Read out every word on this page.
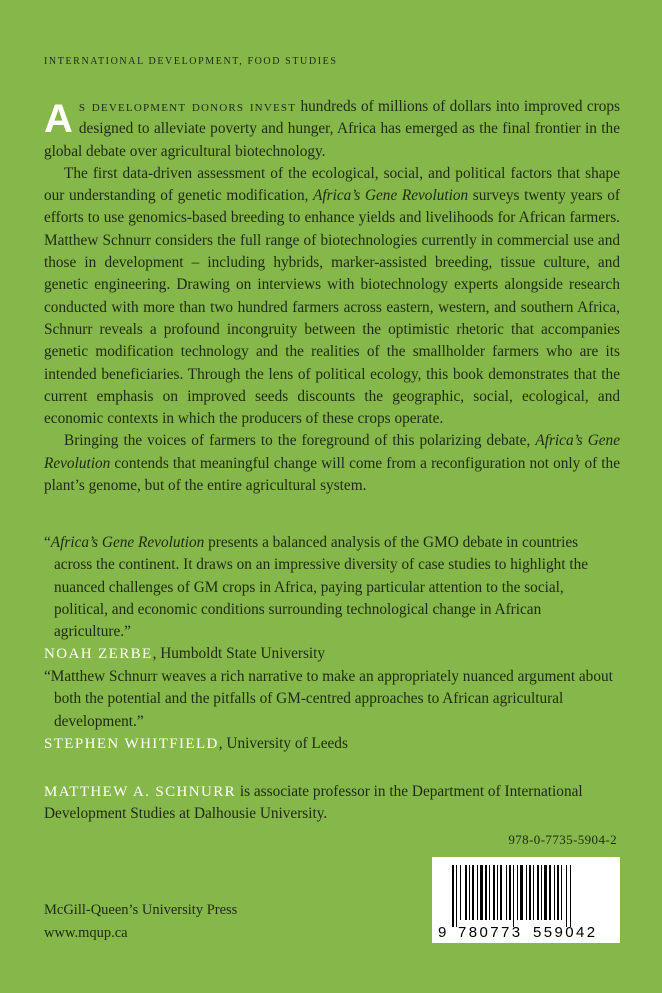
INTERNATIONAL DEVELOPMENT, FOOD STUDIES

As development donors invest hundreds of millions of dollars into improved crops designed to alleviate poverty and hunger, Africa has emerged as the final frontier in the global debate over agricultural biotechnology.

The first data-driven assessment of the ecological, social, and political factors that shape our understanding of genetic modification, Africa’s Gene Revolution surveys twenty years of efforts to use genomics-based breeding to enhance yields and livelihoods for African farmers. Matthew Schnurr considers the full range of biotechnologies currently in commercial use and those in development – including hybrids, marker-assisted breeding, tissue culture, and genetic engineering. Drawing on interviews with biotechnology experts alongside research conducted with more than two hundred farmers across eastern, western, and southern Africa, Schnurr reveals a profound incongruity between the optimistic rhetoric that accompanies genetic modification technology and the realities of the smallholder farmers who are its intended beneficiaries. Through the lens of political ecology, this book demonstrates that the current emphasis on improved seeds discounts the geographic, social, ecological, and economic contexts in which the producers of these crops operate.

Bringing the voices of farmers to the foreground of this polarizing debate, Africa’s Gene Revolution contends that meaningful change will come from a reconfiguration not only of the plant’s genome, but of the entire agricultural system.

“Africa’s Gene Revolution presents a balanced analysis of the GMO debate in countries across the continent. It draws on an impressive diversity of case studies to highlight the nuanced challenges of GM crops in Africa, paying particular attention to the social, political, and economic conditions surrounding technological change in African agriculture.”
NOAH ZERBE, Humboldt State University
“Matthew Schnurr weaves a rich narrative to make an appropriately nuanced argument about both the potential and the pitfalls of GM-centred approaches to African agricultural development.”
STEPHEN WHITFIELD, University of Leeds
MATTHEW A. SCHNURR is associate professor in the Department of International Development Studies at Dalhousie University.
978-0-7735-5904-2
9 780773 559042
McGill-Queen’s University Press
www.mqup.ca
